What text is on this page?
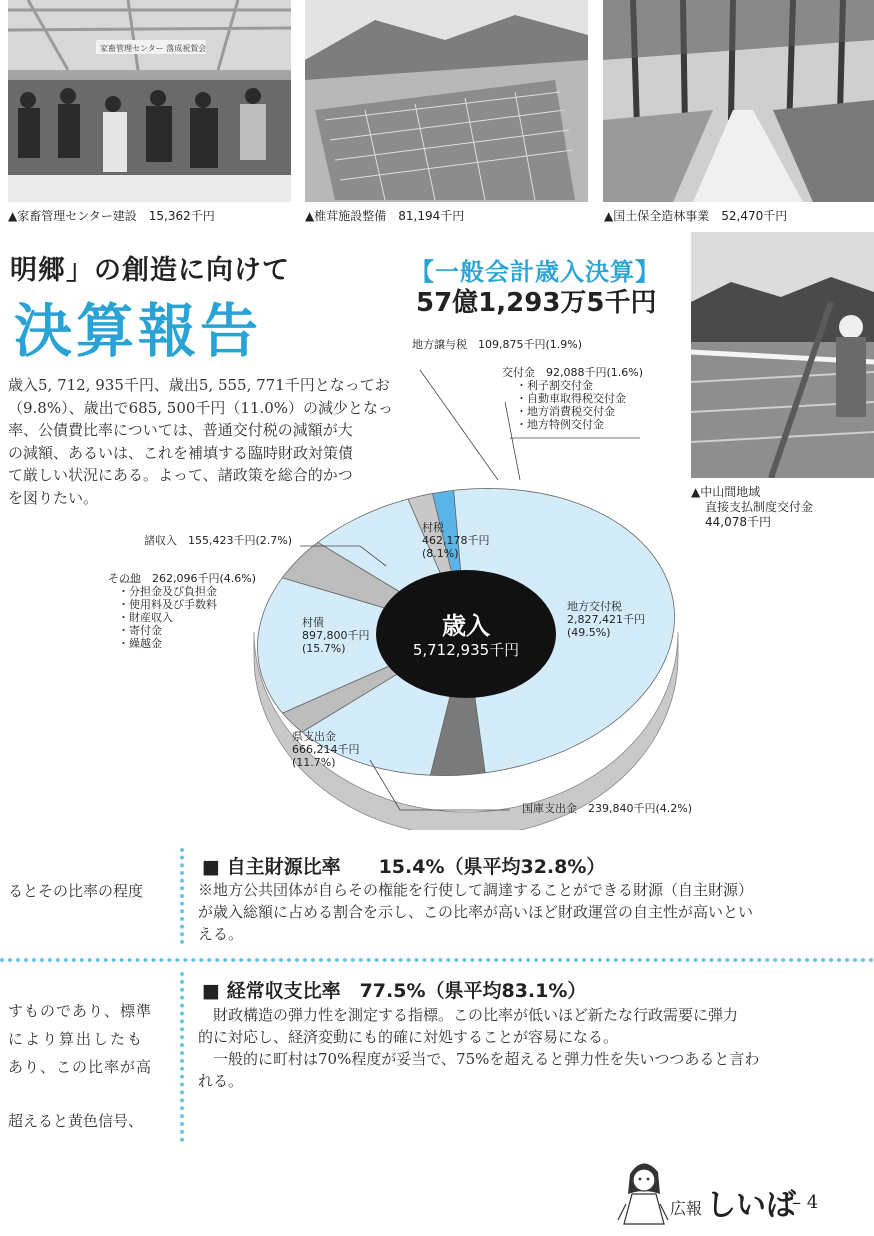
家畜管理センター 落成祝賀会
▲家畜管理センター建設　15,362千円	▲椎茸施設整備　81,194千円	▲国土保全造林事業　52,470千円
▲中山間地域
直接支払制度交付金
44,078千円
明郷」の創造に向けて
決算報告
歳入5, 712, 935千円、歳出5, 555, 771千円となってお
（9.8%）、歳出で685, 500千円（11.0%）の減少となっ
率、公債費比率については、普通交付税の減額が大
の減額、あるいは、これを補填する臨時財政対策債
て厳しい状況にある。よって、諸政策を総合的かつ
を図りたい。
【一般会計歳入決算】
57億1,293万5千円
歳入
5,712,935千円
地方譲与税　 109,875千円(1.9%)
交付金　 92,088千円(1.6%)
・利子割交付金
・自動車取得税交付金
・地方消費税交付金
・地方特例交付金
村税
462,178千円
(8.1%)
諸収入　 155,423千円(2.7%)
その他　 262,096千円(4.6%)
・分担金及び負担金
・使用料及び手数料
・財産収入
・寄付金
・繰越金
村債
897,800千円
(15.7%)
地方交付税
2,827,421千円
(49.5%)
県支出金
666,214千円
(11.7%)
国庫支出金　 239,840千円(4.2%)
るとその比率の程度
すものであり、標準
により算出したも
あり、この比率が高
超えると黄色信号、
■ 自主財源比率　　15.4%（県平均32.8%）
※地方公共団体が自らその権能を行使して調達することができる財源（自主財源）
が歳入総額に占める割合を示し、この比率が高いほど財政運営の自主性が高いとい
える。
■ 経常収支比率　77.5%（県平均83.1%）
　財政構造の弾力性を測定する指標。この比率が低いほど新たな行政需要に弾力
的に対応し、経済変動にも的確に対処することが容易になる。
　一般的に町村は70%程度が妥当で、75%を超えると弾力性を失いつつあると言わ
れる。
広報 しいば
– 4
